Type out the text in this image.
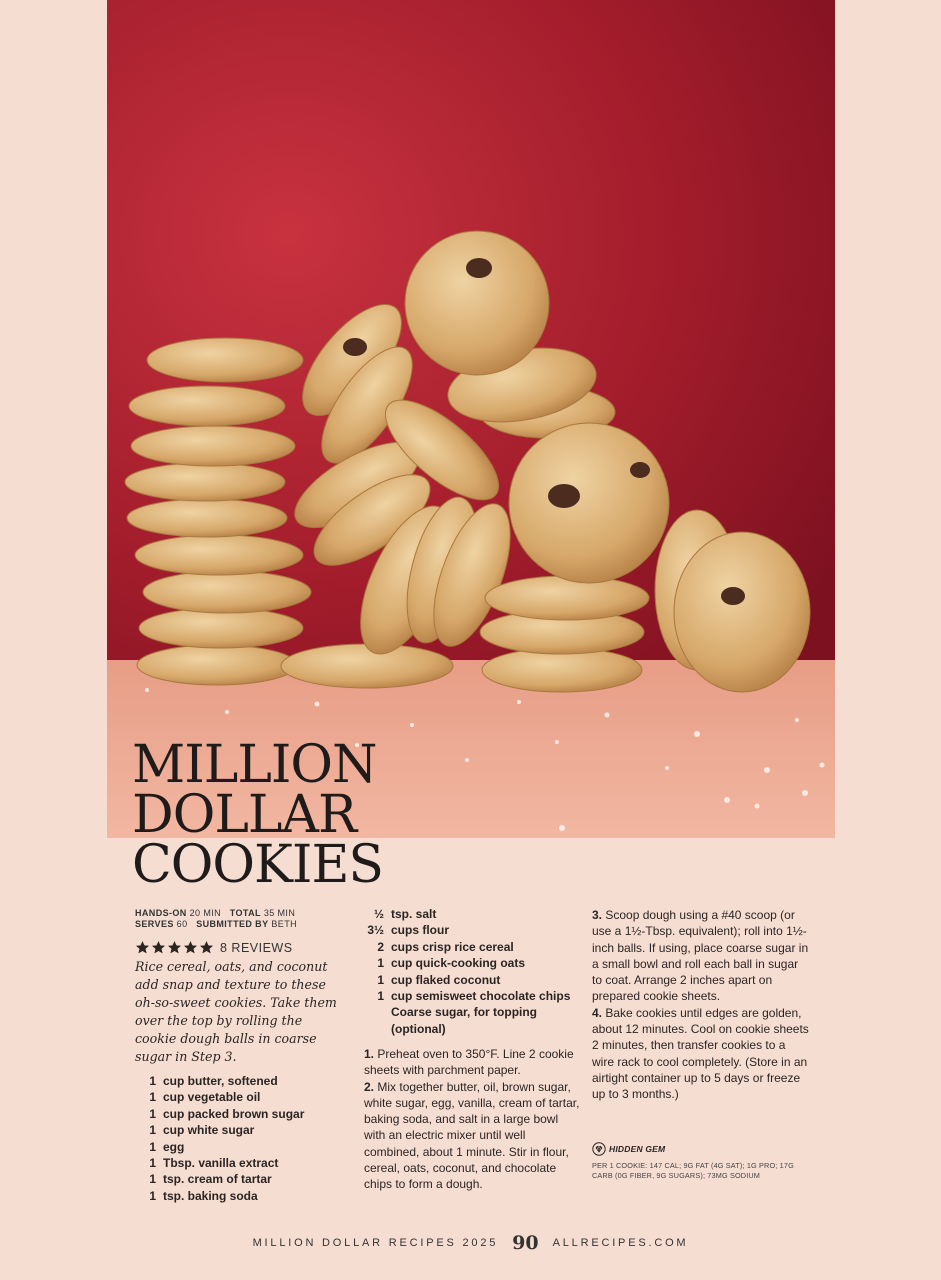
MILLION
DOLLAR
COOKIES
HANDS-ON 20 MIN TOTAL 35 MIN
SERVES 60 SUBMITTED BY BETH
8 REVIEWS

Rice cereal, oats, and coconut add snap and texture to these oh-so-sweet cookies. Take them over the top by rolling the cookie dough balls in coarse sugar in Step 3.

1 cup butter, softened
1 cup vegetable oil
1 cup packed brown sugar
1 cup white sugar
1 egg
1 Tbsp. vanilla extract
1 tsp. cream of tartar
1 tsp. baking soda
½ tsp. salt
3½ cups flour
2 cups crisp rice cereal
1 cup quick-cooking oats
1 cup flaked coconut
1 cup semisweet chocolate chips
Coarse sugar, for topping (optional)

1. Preheat oven to 350°F. Line 2 cookie sheets with parchment paper.

2. Mix together butter, oil, brown sugar, white sugar, egg, vanilla, cream of tartar, baking soda, and salt in a large bowl with an electric mixer until well combined, about 1 minute. Stir in flour, cereal, oats, coconut, and chocolate chips to form a dough.

3. Scoop dough using a #40 scoop (or use a 1½-Tbsp. equivalent); roll into 1½-inch balls. If using, place coarse sugar in a small bowl and roll each ball in sugar to coat. Arrange 2 inches apart on prepared cookie sheets.

4. Bake cookies until edges are golden, about 12 minutes. Cool on cookie sheets 2 minutes, then transfer cookies to a wire rack to cool completely. (Store in an airtight container up to 5 days or freeze up to 3 months.)

HIDDEN GEM

PER 1 COOKIE: 147 CAL; 9G FAT (4G SAT); 1G PRO; 17G CARB (0G FIBER, 9G SUGARS); 73MG SODIUM

MILLION DOLLAR RECIPES 2025 90 ALLRECIPES.COM
